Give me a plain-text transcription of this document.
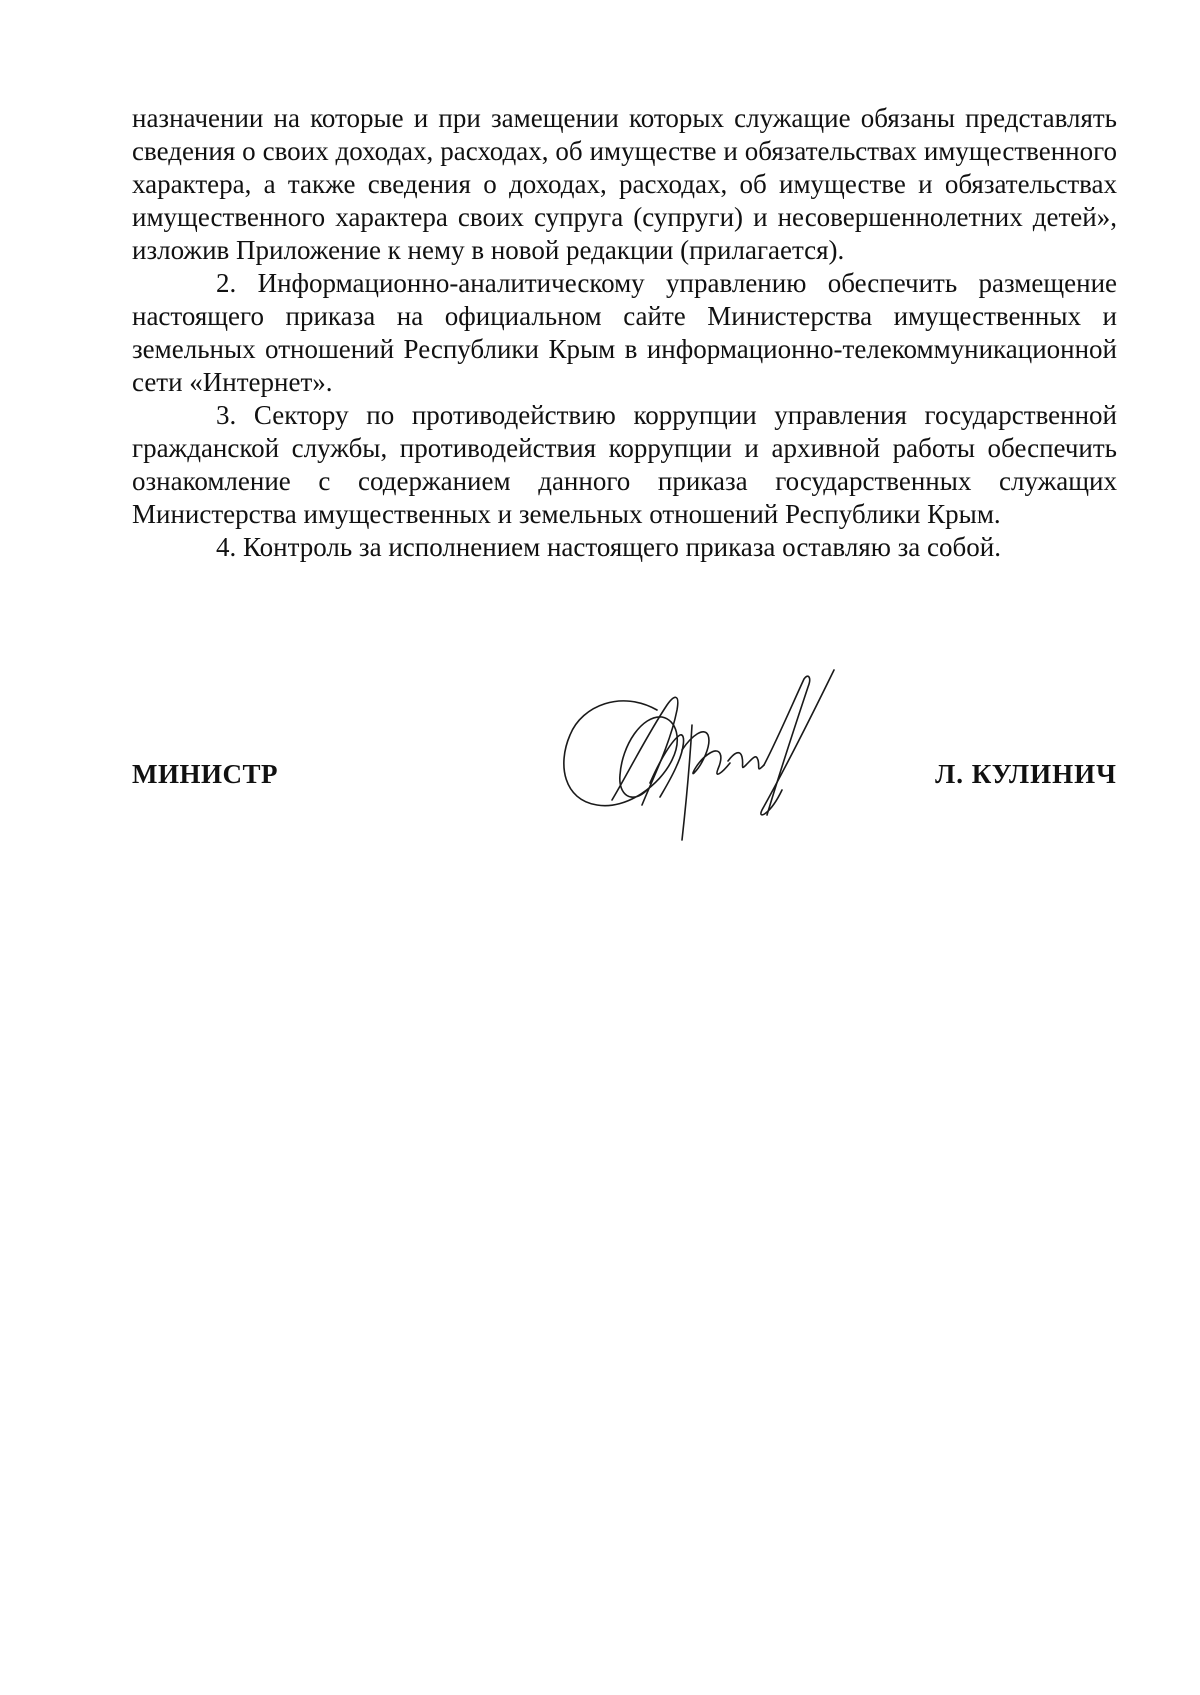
назначении на которые и при замещении которых служащие обязаны представлять сведения о своих доходах, расходах, об имуществе и обязательствах имущественного характера, а также сведения о доходах, расходах, об имуществе и обязательствах имущественного характера своих супруга (супруги) и несовершеннолетних детей», изложив Приложение к нему в новой редакции (прилагается).

2. Информационно-аналитическому управлению обеспечить размещение настоящего приказа на официальном сайте Министерства имущественных и земельных отношений Республики Крым в информационно-телекоммуникационной сети «Интернет».

3. Сектору по противодействию коррупции управления государственной гражданской службы, противодействия коррупции и архивной работы обеспечить ознакомление с содержанием данного приказа государственных служащих Министерства имущественных и земельных отношений Республики Крым.

4. Контроль за исполнением настоящего приказа оставляю за собой.

МИНИСТР	Л. КУЛИНИЧ
